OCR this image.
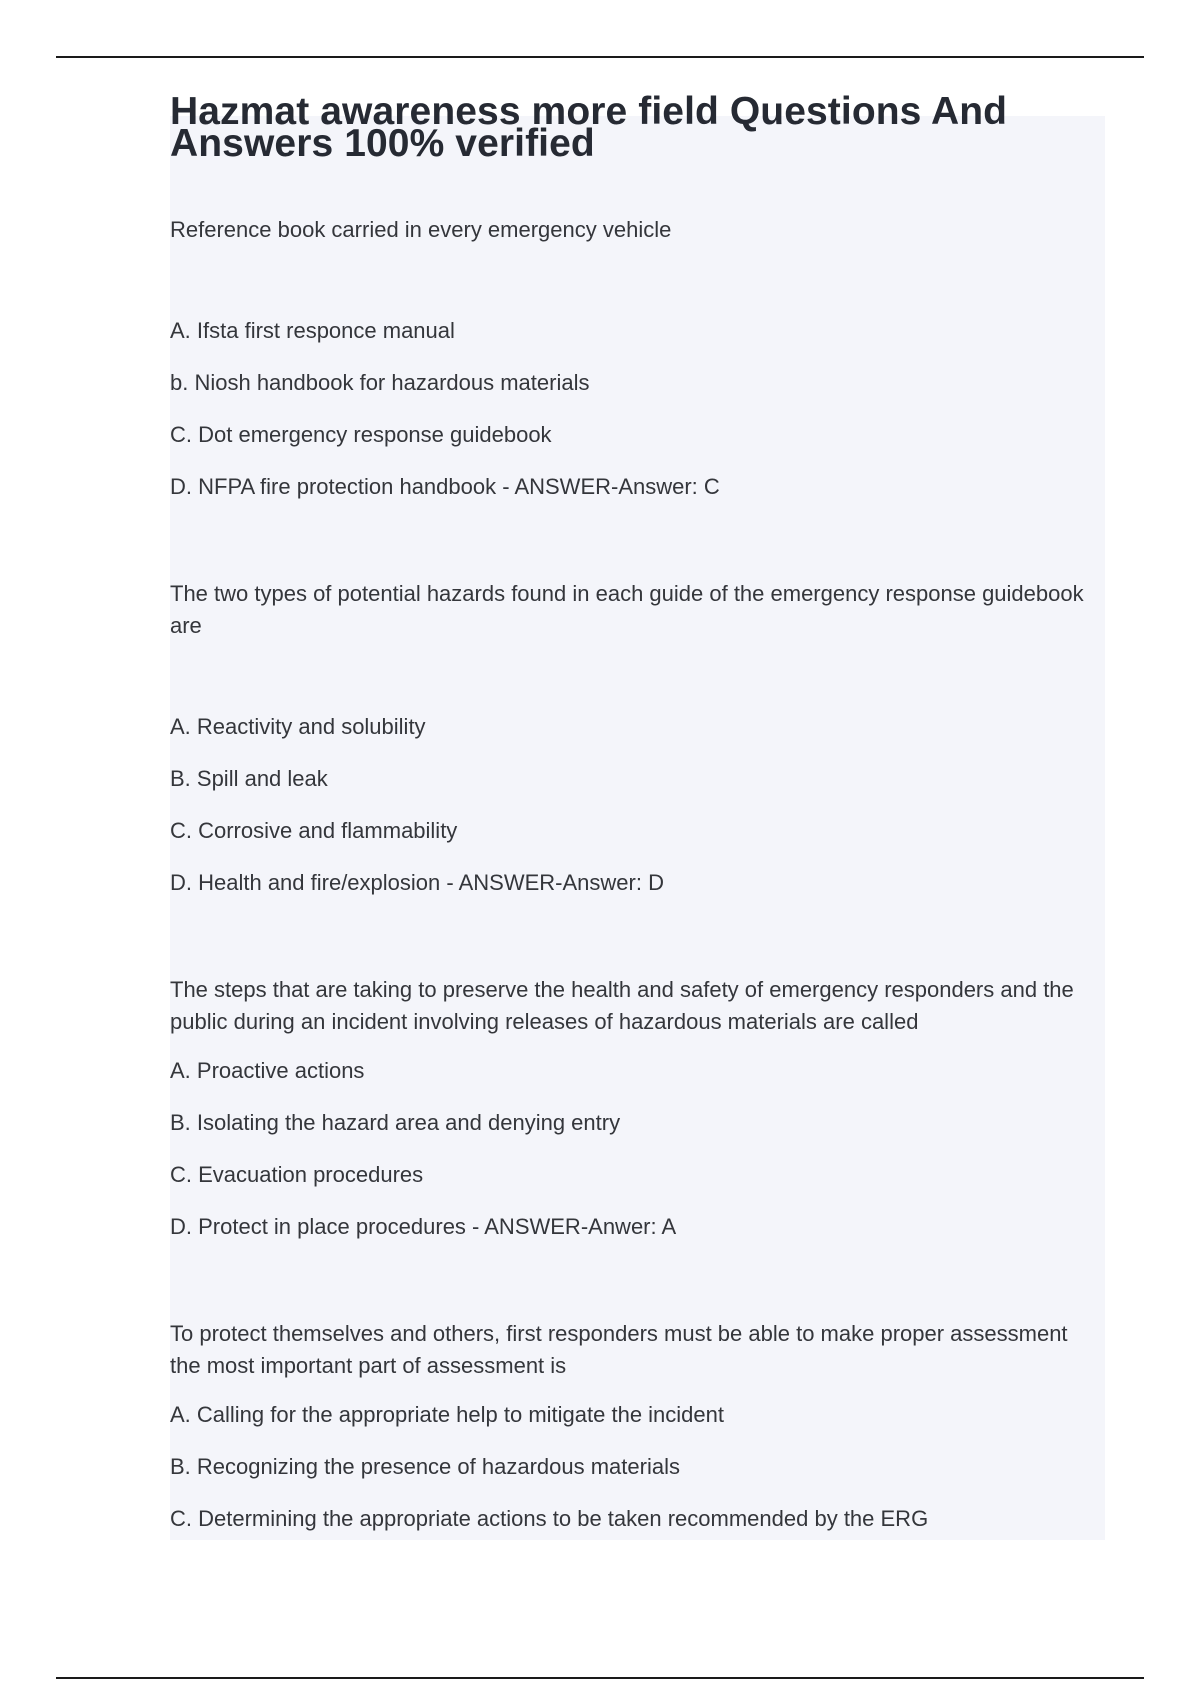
Hazmat awareness more field Questions And Answers 100% verified
Reference book carried in every emergency vehicle
A. Ifsta first responce manual
b. Niosh handbook for hazardous materials
C. Dot emergency response guidebook
D. NFPA fire protection handbook - ANSWER-Answer: C
The two types of potential hazards found in each guide of the emergency response guidebook are
A. Reactivity and solubility
B. Spill and leak
C. Corrosive and flammability
D. Health and fire/explosion - ANSWER-Answer: D
The steps that are taking to preserve the health and safety of emergency responders and the public during an incident involving releases of hazardous materials are called
A. Proactive actions
B. Isolating the hazard area and denying entry
C. Evacuation procedures
D. Protect in place procedures - ANSWER-Anwer: A
To protect themselves and others, first responders must be able to make proper assessment the most important part of assessment is
A. Calling for the appropriate help to mitigate the incident
B. Recognizing the presence of hazardous materials
C. Determining the appropriate actions to be taken recommended by the ERG
